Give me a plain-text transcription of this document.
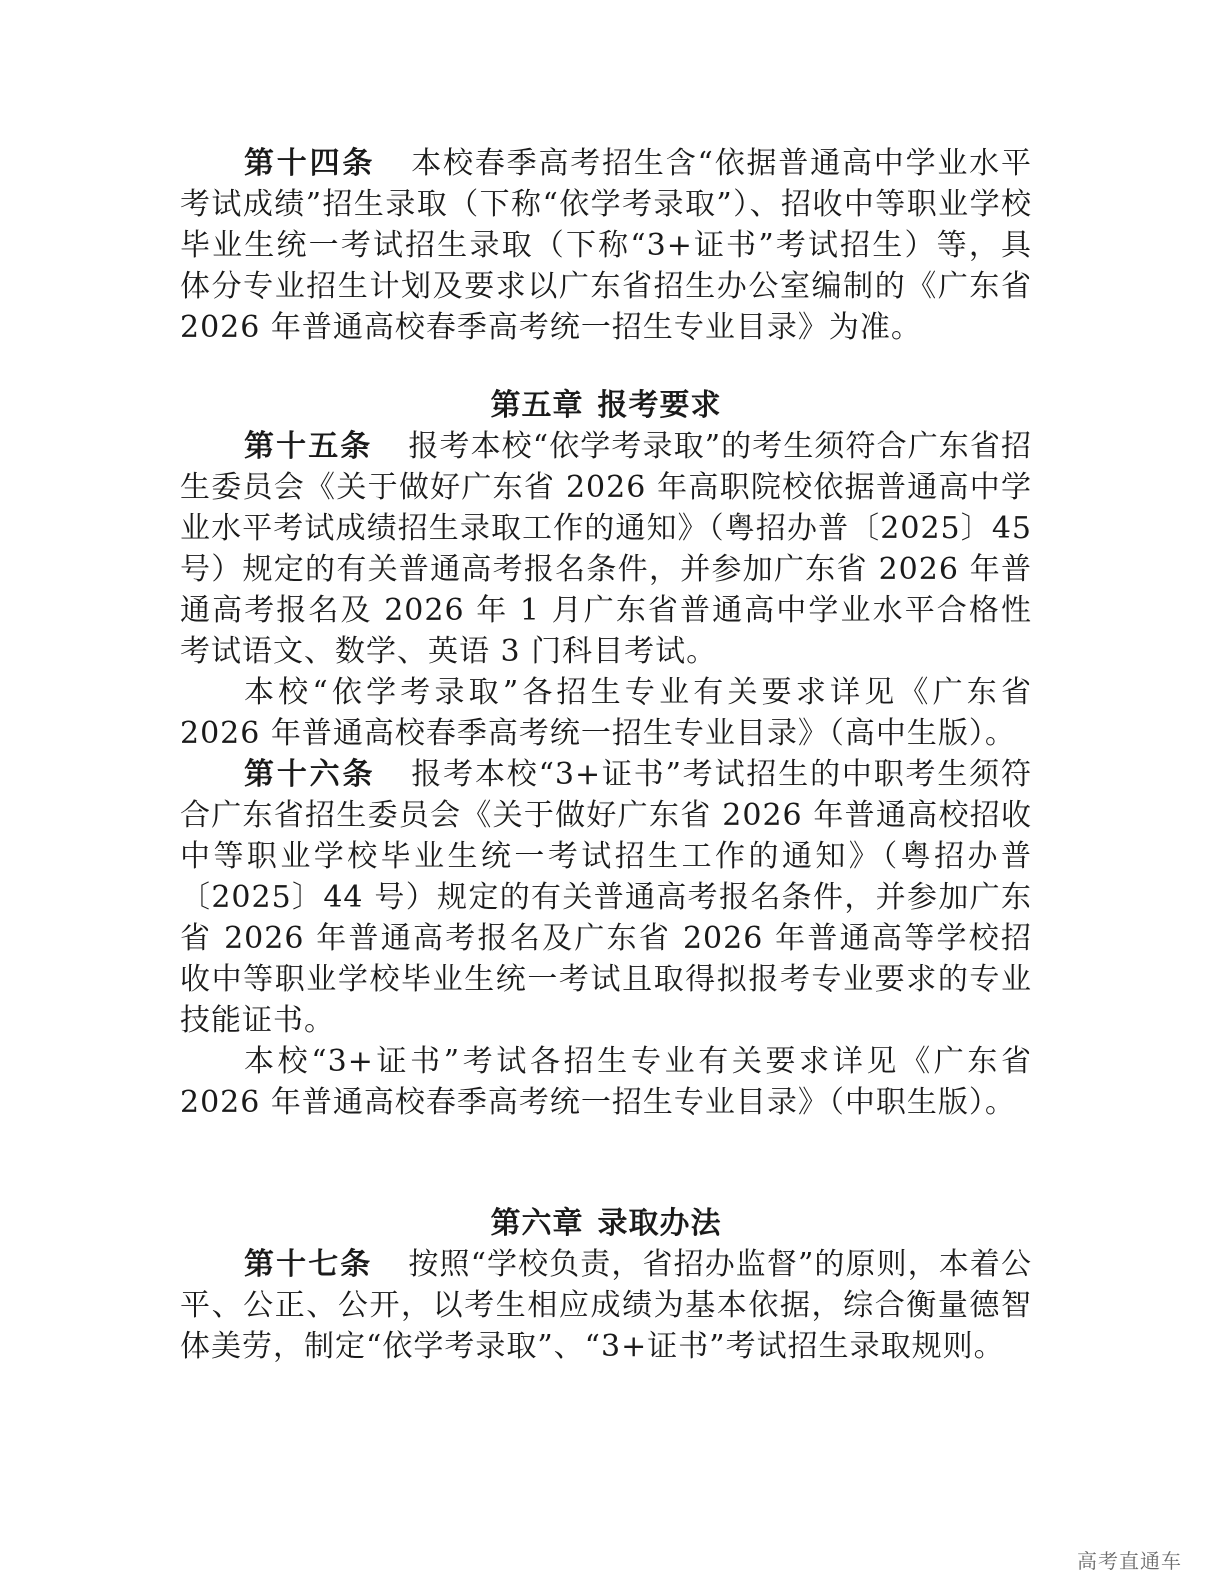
第十四条 本校春季高考招生含“依据普通高中学业水平考试成绩”招生录取（下称“依学考录取”）、招收中等职业学校毕业生统一考试招生录取（下称“3+证书”考试招生）等，具体分专业招生计划及要求以广东省招生办公室编制的《广东省 2026 年普通高校春季高考统一招生专业目录》为准。

第五章 报考要求

第十五条 报考本校“依学考录取”的考生须符合广东省招生委员会《关于做好广东省 2026 年高职院校依据普通高中学业水平考试成绩招生录取工作的通知》（粤招办普〔2025〕45 号）规定的有关普通高考报名条件，并参加广东省 2026 年普通高考报名及 2026 年 1 月广东省普通高中学业水平合格性考试语文、数学、英语 3 门科目考试。

本校“依学考录取”各招生专业有关要求详见《广东省 2026 年普通高校春季高考统一招生专业目录》（高中生版）。

第十六条 报考本校“3+证书”考试招生的中职考生须符合广东省招生委员会《关于做好广东省 2026 年普通高校招收中等职业学校毕业生统一考试招生工作的通知》（粤招办普〔2025〕44 号）规定的有关普通高考报名条件，并参加广东省 2026 年普通高考报名及广东省 2026 年普通高等学校招收中等职业学校毕业生统一考试且取得拟报考专业要求的专业技能证书。

本校“3+证书”考试各招生专业有关要求详见《广东省 2026 年普通高校春季高考统一招生专业目录》（中职生版）。

第六章 录取办法

第十七条 按照“学校负责，省招办监督”的原则，本着公平、公正、公开，以考生相应成绩为基本依据，综合衡量德智体美劳，制定“依学考录取”、“3+证书”考试招生录取规则。

高考直通车
